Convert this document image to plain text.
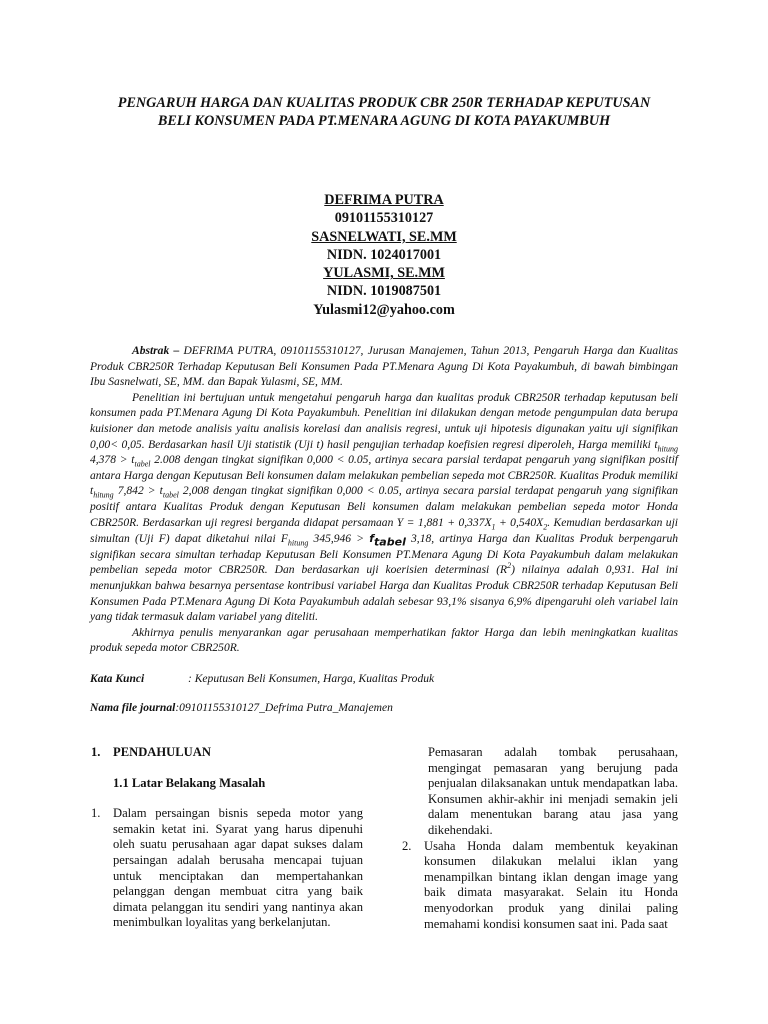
PENGARUH HARGA DAN KUALITAS PRODUK CBR 250R TERHADAP KEPUTUSAN
BELI KONSUMEN PADA PT.MENARA AGUNG DI KOTA PAYAKUMBUH
DEFRIMA PUTRA
09101155310127
SASNELWATI, SE.MM
NIDN. 1024017001
YULASMI, SE.MM
NIDN. 1019087501
Yulasmi12@yahoo.com

Abstrak – DEFRIMA PUTRA, 09101155310127, Jurusan Manajemen, Tahun 2013, Pengaruh Harga dan Kualitas Produk CBR250R Terhadap Keputusan Beli Konsumen Pada PT.Menara Agung Di Kota Payakumbuh, di bawah bimbingan Ibu Sasnelwati, SE, MM. dan Bapak Yulasmi, SE, MM.

Penelitian ini bertujuan untuk mengetahui pengaruh harga dan kualitas produk CBR250R terhadap keputusan beli konsumen pada PT.Menara Agung Di Kota Payakumbuh. Penelitian ini dilakukan dengan metode pengumpulan data berupa kuisioner dan metode analisis yaitu analisis korelasi dan analisis regresi, untuk uji hipotesis digunakan yaitu uji signifikan 0,00< 0,05. Berdasarkan hasil Uji statistik (Uji t) hasil pengujian terhadap koefisien regresi diperoleh, Harga memiliki $t_{hitung}$ $4,378 > t_{tabel}$ 2.008 dengan tingkat signifikan 0,000 < 0.05, artinya secara parsial terdapat pengaruh yang signifikan positif antara Harga dengan Keputusan Beli konsumen dalam melakukan pembelian sepeda mot CBR250R. Kualitas Produk memiliki $t_{hitung}$ $7,842 > t_{tabel}$ 2,008 dengan tingkat signifikan 0,000 < 0.05, artinya secara parsial terdapat pengaruh yang signifikan positif antara Kualitas Produk dengan Keputusan Beli konsumen dalam melakukan pembelian sepeda motor Honda CBR250R. Berdasarkan uji regresi berganda didapat persamaan $Y = 1,881 + 0,337X_1 + 0,540X_2$. Kemudian berdasarkan uji simultan (Uji F) dapat diketahui nilai $F_{hitung}$ $345,946 > f_{tabel}$ 3,18, artinya Harga dan Kualitas Produk berpengaruh signifikan secara simultan terhadap Keputusan Beli Konsumen PT.Menara Agung Di Kota Payakumbuh dalam melakukan pembelian sepeda motor CBR250R. Dan berdasarkan uji koerisien determinasi $(R^2)$ nilainya adalah 0,931. Hal ini menunjukkan bahwa besarnya persentase kontribusi variabel Harga dan Kualitas Produk CBR250R terhadap Keputusan Beli Konsumen Pada PT.Menara Agung Di Kota Payakumbuh adalah sebesar 93,1% sisanya 6,9% dipengaruhi oleh variabel lain yang tidak termasuk dalam variabel yang diteliti.

Akhirnya penulis menyarankan agar perusahaan memperhatikan faktor Harga dan lebih meningkatkan kualitas produk sepeda motor CBR250R.

Kata Kunci	: Keputusan Beli Konsumen, Harga, Kualitas Produk
Nama file journal:09101155310127_Defrima Putra_Manajemen

1. PENDAHULUAN

1.1 Latar Belakang Masalah

1. Dalam persaingan bisnis sepeda motor yang semakin ketat ini. Syarat yang harus dipenuhi oleh suatu perusahaan agar dapat sukses dalam persaingan adalah berusaha mencapai tujuan untuk menciptakan dan mempertahankan pelanggan dengan membuat citra yang baik dimata pelanggan itu sendiri yang nantinya akan menimbulkan loyalitas yang berkelanjutan.

Pemasaran adalah tombak perusahaan, mengingat pemasaran yang berujung pada penjualan dilaksanakan untuk mendapatkan laba. Konsumen akhir-akhir ini menjadi semakin jeli dalam menentukan barang atau jasa yang dikehendaki.

2. Usaha Honda dalam membentuk keyakinan konsumen dilakukan melalui iklan yang menampilkan bintang iklan dengan image yang baik dimata masyarakat. Selain itu Honda menyodorkan produk yang dinilai paling memahami kondisi konsumen saat ini. Pada saat
